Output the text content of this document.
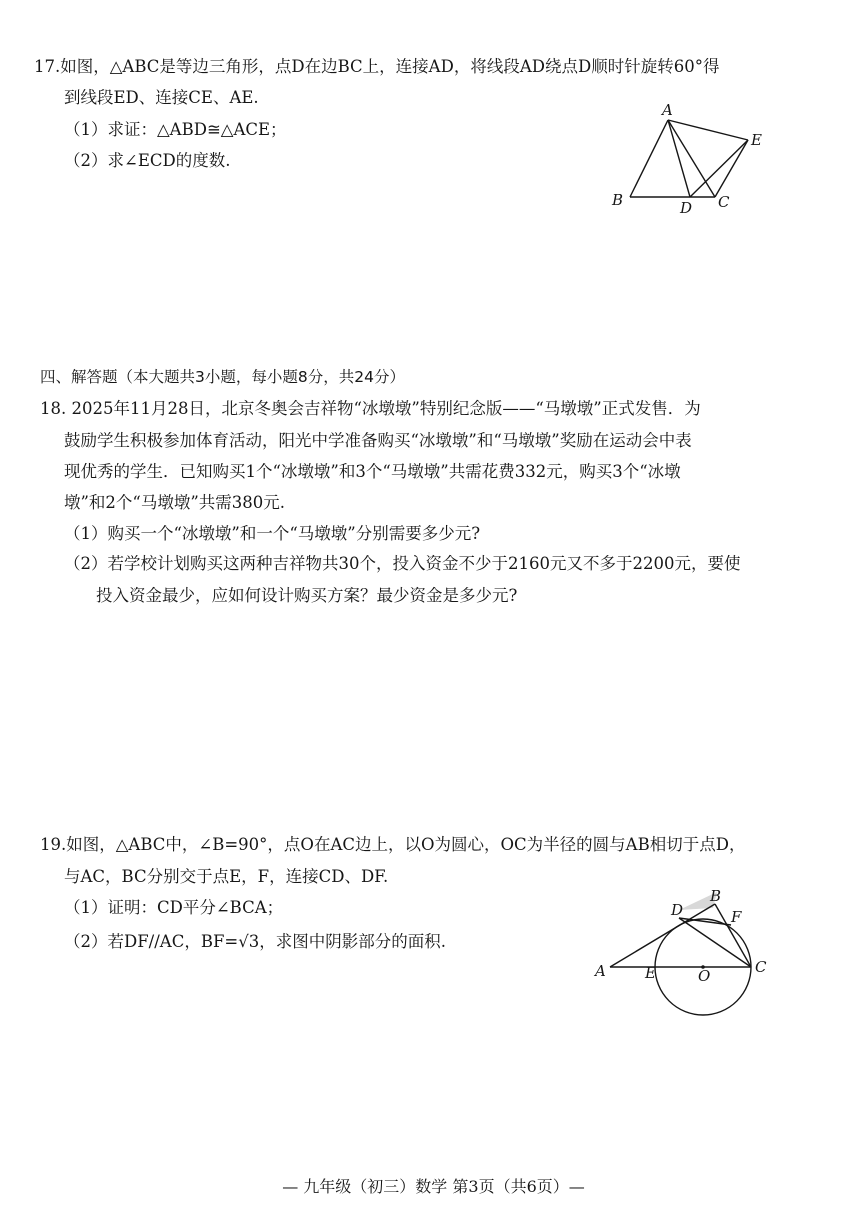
17.如图，△ABC是等边三角形，点D在边BC上，连接AD，将线段AD绕点D顺时针旋转60°得
到线段ED、连接CE、AE.
（1）求证：△ABD≅△ACE；
（2）求∠ECD的度数.
A
B	D C
E
四、解答题（本大题共3小题，每小题8分，共24分）
18. 2025年11月28日，北京冬奥会吉祥物“冰墩墩”特别纪念版——“马墩墩”正式发售．为
鼓励学生积极参加体育活动，阳光中学准备购买“冰墩墩”和“马墩墩”奖励在运动会中表
现优秀的学生．已知购买1个“冰墩墩”和3个“马墩墩”共需花费332元，购买3个“冰墩
墩”和2个“马墩墩”共需380元.
（1）购买一个“冰墩墩”和一个“马墩墩”分别需要多少元?
（2）若学校计划购买这两种吉祥物共30个，投入资金不少于2160元又不多于2200元，要使
投入资金最少，应如何设计购买方案？最少资金是多少元?
19.如图，△ABC中，∠B=90°，点O在AC边上，以O为圆心，OC为半径的圆与AB相切于点D，
与AC，BC分别交于点E，F，连接CD、DF.
（1）证明：CD平分∠BCA；
（2）若DF//AC，BF=√3，求图中阴影部分的面积.
B
D	F
A	E	O	C
— 九年级（初三）数学 第3页（共6页）—
